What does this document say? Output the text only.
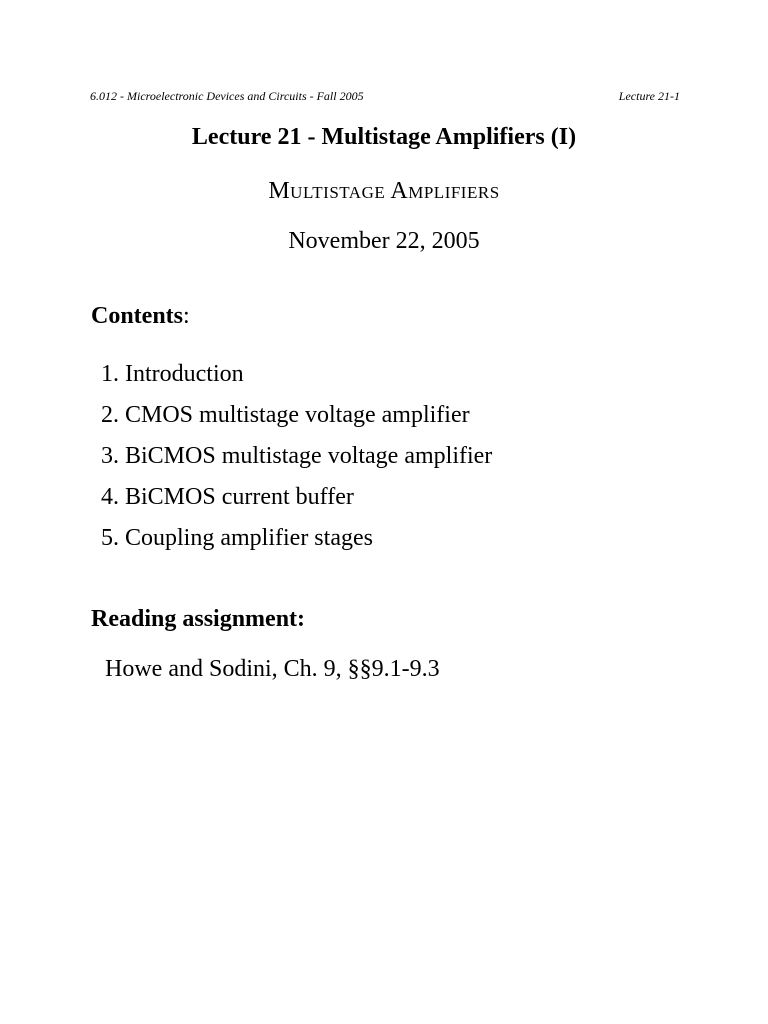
6.012 - Microelectronic Devices and Circuits - Fall 2005	Lecture 21-1
Lecture 21 - Multistage Amplifiers (I)
Multistage Amplifiers
November 22, 2005
Contents:
1. Introduction
2. CMOS multistage voltage amplifier
3. BiCMOS multistage voltage amplifier
4. BiCMOS current buffer
5. Coupling amplifier stages
Reading assignment:
Howe and Sodini, Ch. 9, §§9.1-9.3
